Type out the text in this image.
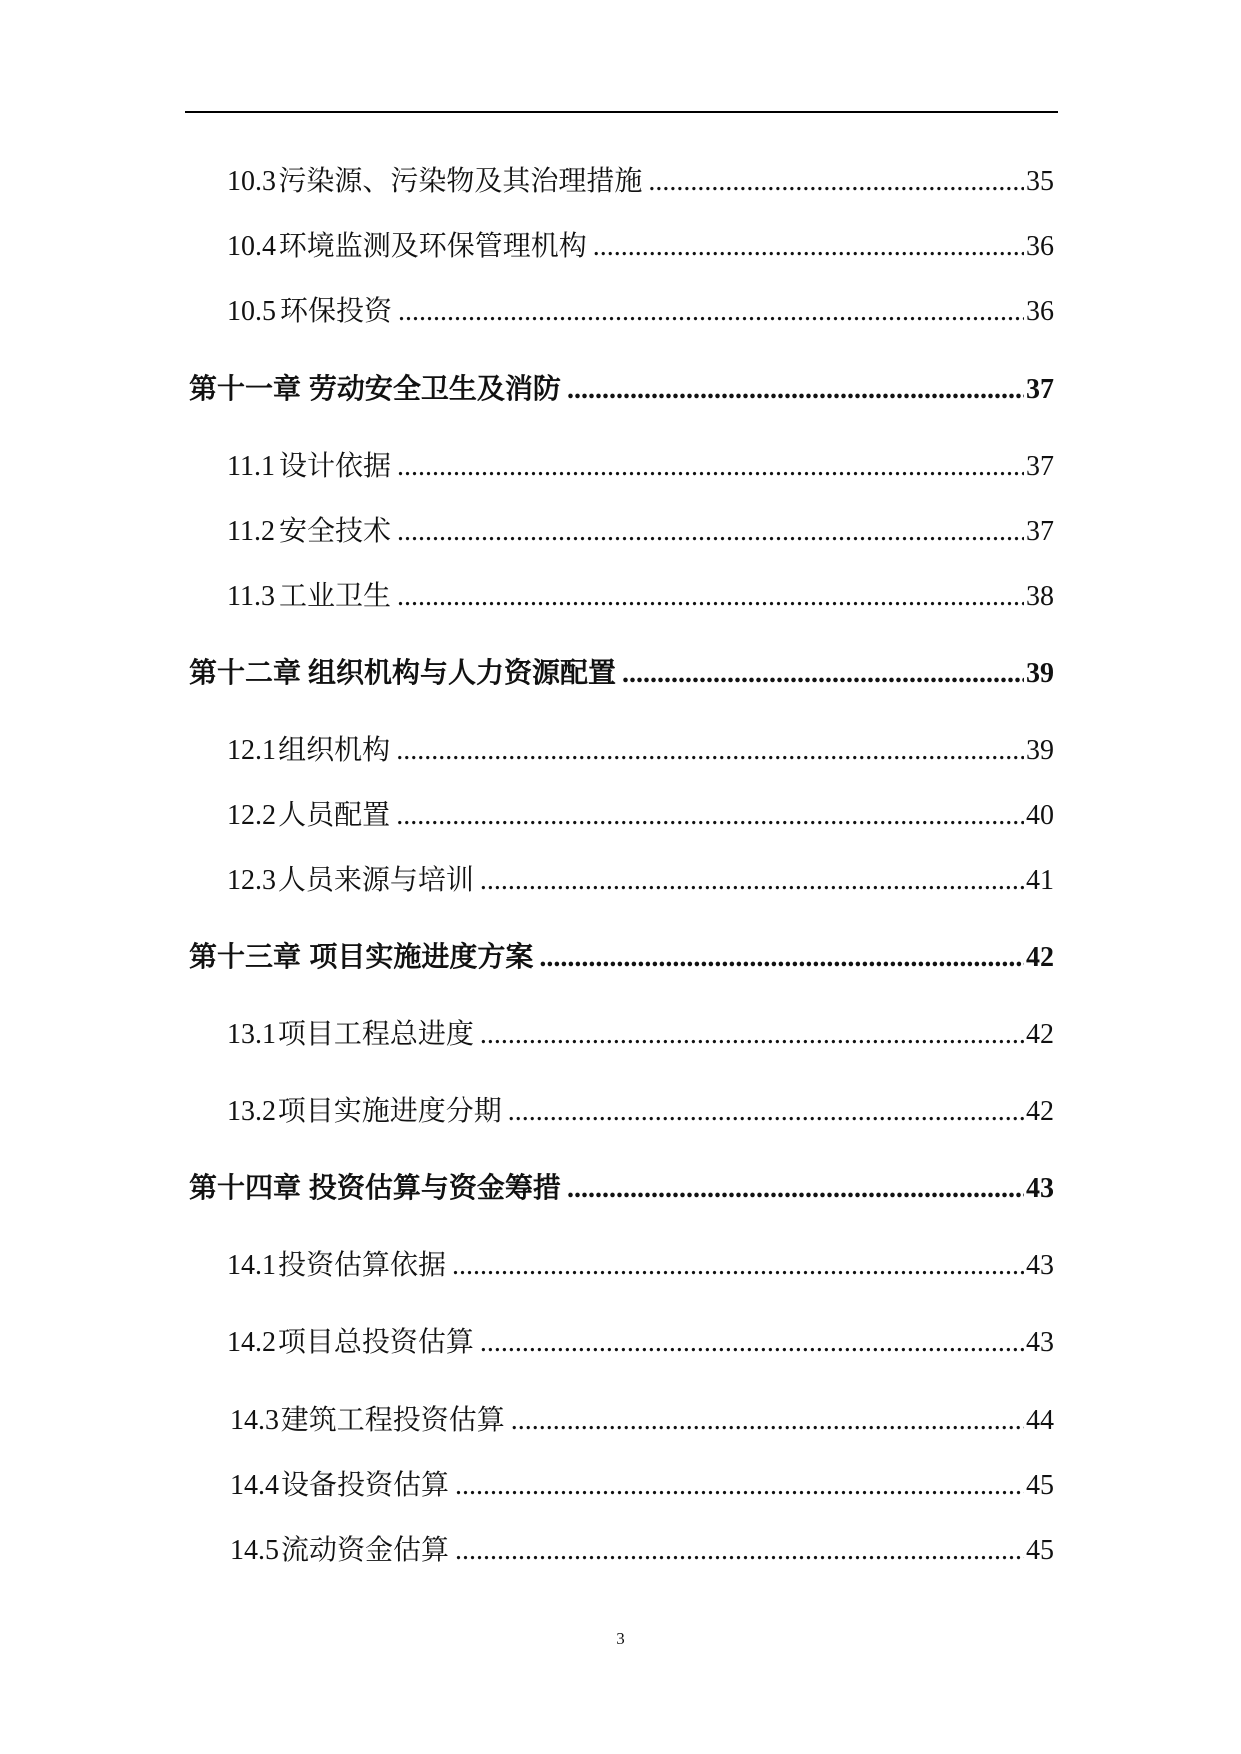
10.3 污染源、污染物及其治理措施 .....	35
10.4 环境监测及环保管理机构 .....	36
10.5 环保投资 .....	36
第十一章 劳动安全卫生及消防 .....	37
11.1 设计依据 .....	37
11.2 安全技术 .....	37
11.3 工业卫生 .....	38
第十二章 组织机构与人力资源配置 .....	39
12.1 组织机构 .....	39
12.2 人员配置 .....	40
12.3 人员来源与培训 .....	41
第十三章 项目实施进度方案 .....	42
13.1 项目工程总进度 .....	42
13.2 项目实施进度分期 .....	42
第十四章 投资估算与资金筹措 .....	43
14.1 投资估算依据 .....	43
14.2 项目总投资估算 .....	43
14.3 建筑工程投资估算 .....	44
14.4 设备投资估算 .....	45
14.5 流动资金估算 .....	45
3
